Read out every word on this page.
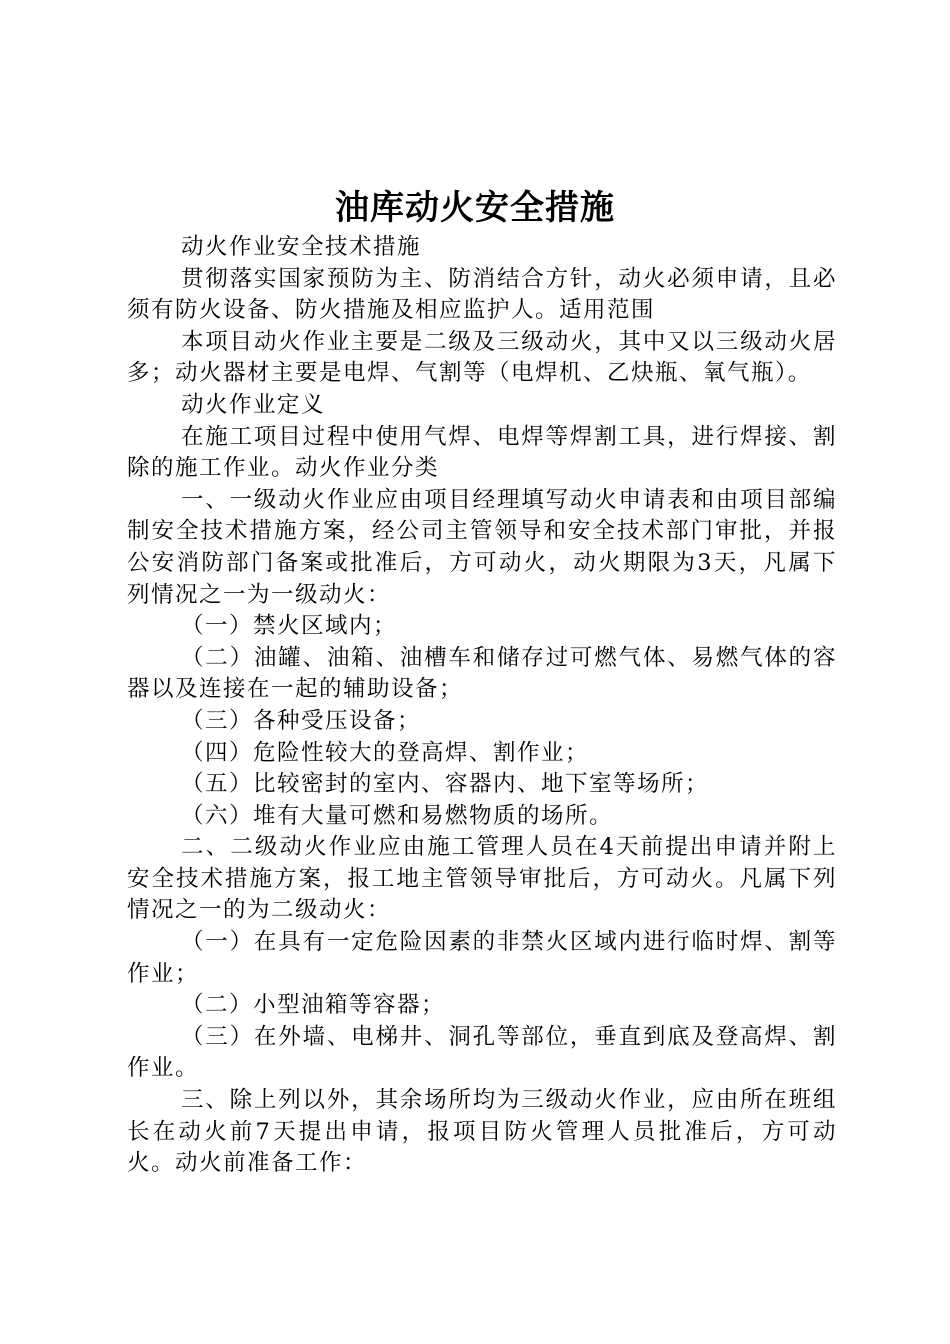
油库动火安全措施

动火作业安全技术措施

贯彻落实国家预防为主、防消结合方针，动火必须申请，且必须有防火设备、防火措施及相应监护人。适用范围

本项目动火作业主要是二级及三级动火，其中又以三级动火居多；动火器材主要是电焊、气割等（电焊机、乙炔瓶、氧气瓶）。

动火作业定义

在施工项目过程中使用气焊、电焊等焊割工具，进行焊接、割除的施工作业。动火作业分类

一、一级动火作业应由项目经理填写动火申请表和由项目部编制安全技术措施方案，经公司主管领导和安全技术部门审批，并报公安消防部门备案或批准后，方可动火，动火期限为3天，凡属下列情况之一为一级动火：

（一）禁火区域内；

（二）油罐、油箱、油槽车和储存过可燃气体、易燃气体的容器以及连接在一起的辅助设备；

（三）各种受压设备；

（四）危险性较大的登高焊、割作业；

（五）比较密封的室内、容器内、地下室等场所；

（六）堆有大量可燃和易燃物质的场所。

二、二级动火作业应由施工管理人员在4天前提出申请并附上安全技术措施方案，报工地主管领导审批后，方可动火。凡属下列情况之一的为二级动火：

（一）在具有一定危险因素的非禁火区域内进行临时焊、割等作业；

（二）小型油箱等容器；

（三）在外墙、电梯井、洞孔等部位，垂直到底及登高焊、割作业。

三、除上列以外，其余场所均为三级动火作业，应由所在班组长在动火前7天提出申请，报项目防火管理人员批准后，方可动火。动火前准备工作：
